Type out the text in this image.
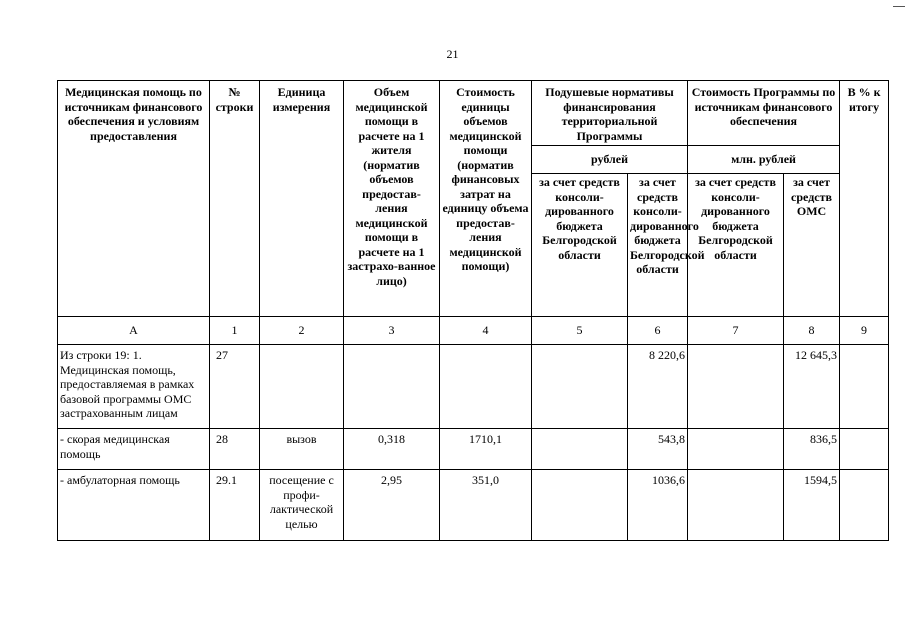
21
Медицинская помощь по источникам финансового обеспечения и условиям предоставления	№ строки	Единица измерения	Объем медицинской помощи в расчете на 1 жителя (норматив объемов предостав-ления медицинской помощи в расчете на 1 застрахо-ванное лицо)	Стоимость единицы объемов медицинской помощи (норматив финансовых затрат на единицу объема предостав-ления медицинской помощи)	Подушевые нормативы финансирования территориальной Программы		Стоимость Программы по источникам финансового обеспечения		В % к итогу
					рублей		млн. рублей		
					за счет средств консоли-дированного бюджета Белгородской области	за счет средств консоли-дированного бюджета Белгородской области	за счет средств консоли-дированного бюджета Белгородской области	за счет средств ОМС	
А	1	2	3	4	5	6	7	8	9
Из строки 19: 1. Медицинская помощь, предоставляемая в рамках базовой программы ОМС застрахованным лицам	27					8 220,6		12 645,3	
- скорая медицинская помощь	28	вызов	0,318	1710,1		543,8		836,5	
- амбулаторная помощь	29.1	посещение с профи-лактической целью	2,95	351,0		1036,6		1594,5	
